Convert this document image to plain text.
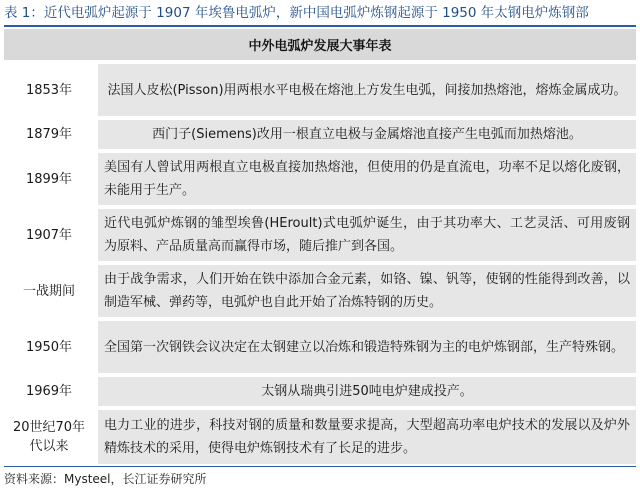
表 1：近代电弧炉起源于 1907 年埃鲁电弧炉，新中国电弧炉炼钢起源于 1950 年太钢电炉炼钢部
中外电弧炉发展大事年表	
1853年	法国人皮松(Pisson)用两根水平电极在熔池上方发生电弧，间接加热熔池，熔炼金属成功。
1879年	西门子(Siemens)改用一根直立电极与金属熔池直接产生电弧而加热熔池。
1899年	美国有人曾试用两根直立电极直接加热熔池，但使用的仍是直流电，功率不足以熔化废钢，未能用于生产。
1907年	近代电弧炉炼钢的雏型埃鲁(HEroult)式电弧炉诞生，由于其功率大、工艺灵活、可用废钢为原料、产品质量高而赢得市场，随后推广到各国。
一战期间	由于战争需求，人们开始在铁中添加合金元素，如铬、镍、钒等，使钢的性能得到改善，以制造军械、弹药等，电弧炉也自此开始了冶炼特钢的历史。
1950年	全国第一次钢铁会议决定在太钢建立以冶炼和锻造特殊钢为主的电炉炼钢部，生产特殊钢。
1969年	太钢从瑞典引进50吨电炉建成投产。
20世纪70年代以来	电力工业的进步，科技对钢的质量和数量要求提高，大型超高功率电炉技术的发展以及炉外精炼技术的采用，使得电炉炼钢技术有了长足的进步。
资料来源：Mysteel，长江证券研究所
